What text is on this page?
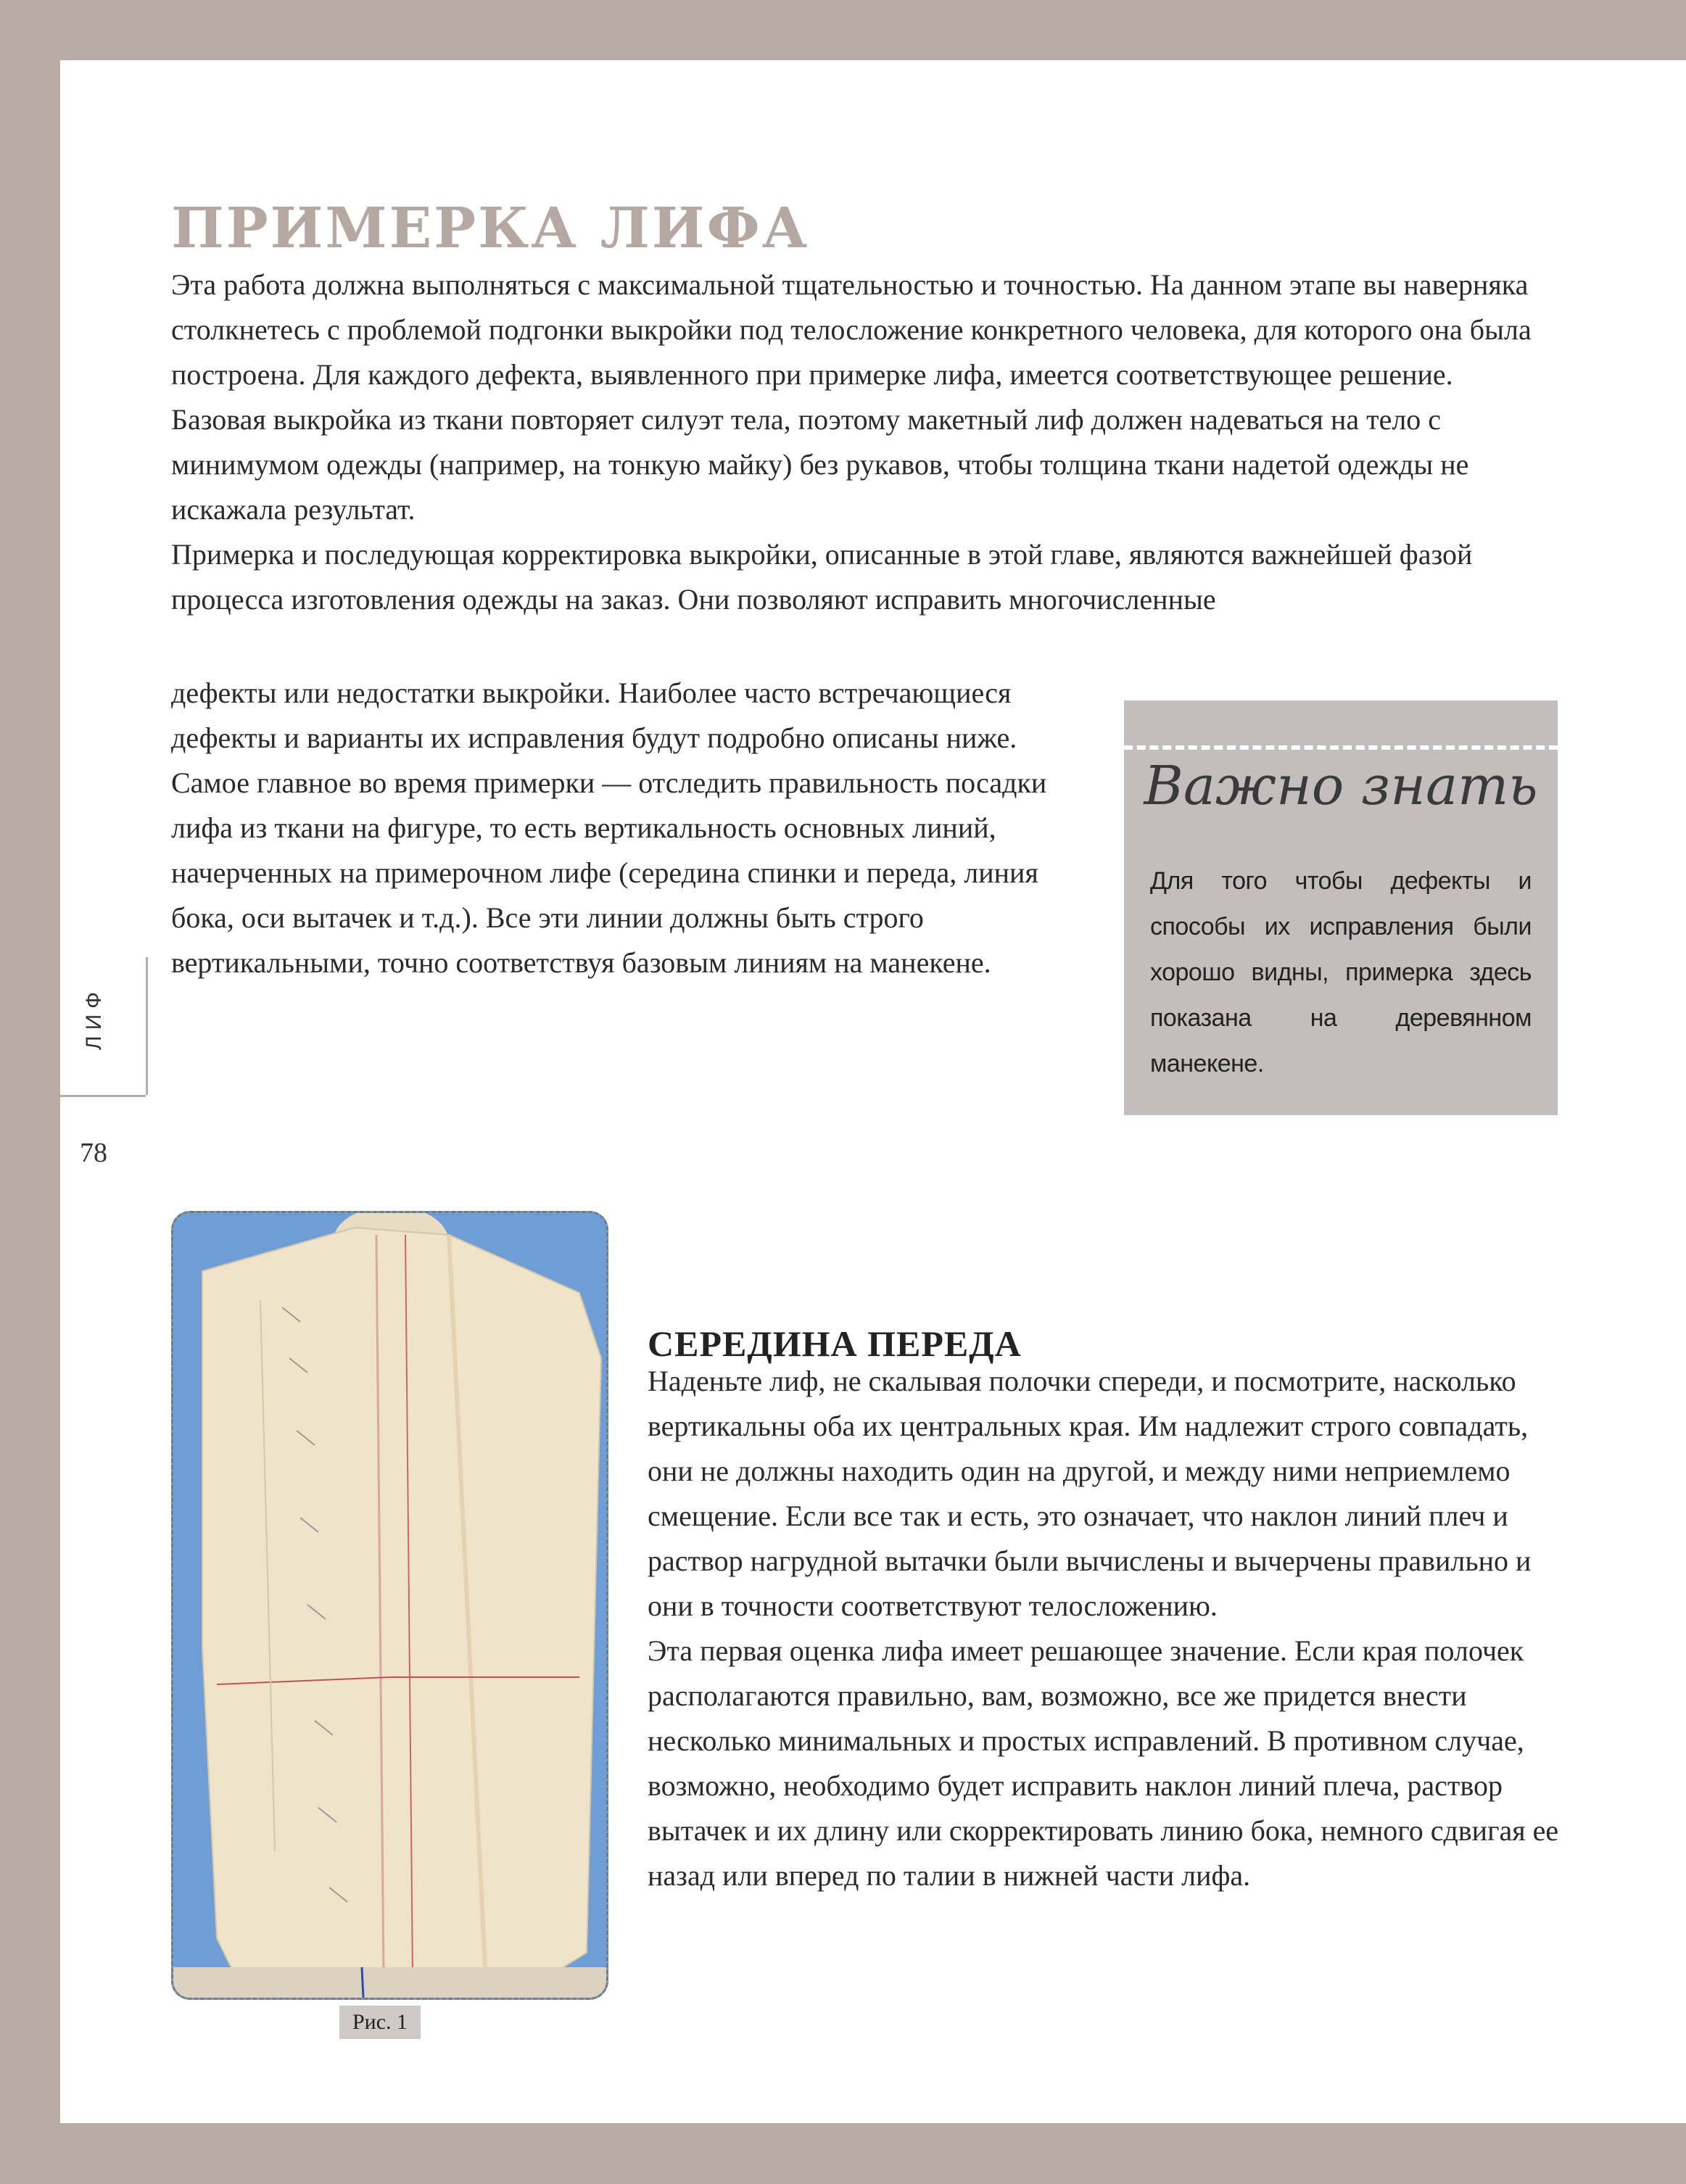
ПРИМЕРКА ЛИФА

Эта работа должна выполняться с максимальной тщательностью и точностью. На данном этапе вы наверняка столкнетесь с проблемой подгонки выкройки под телосложение конкретного человека, для которого она была построена. Для каждого дефекта, выявленного при примерке лифа, имеется соответствующее решение.

Базовая выкройка из ткани повторяет силуэт тела, поэтому макетный лиф должен надеваться на тело с минимумом одежды (например, на тонкую майку) без рукавов, чтобы толщина ткани надетой одежды не искажала результат.

Примерка и последующая корректировка выкройки, описанные в этой главе, являются важнейшей фазой процесса изготовления одежды на заказ. Они позволяют исправить многочисленные

дефекты или недостатки выкройки. Наиболее часто встречающиеся дефекты и варианты их исправления будут подробно описаны ниже.

Самое главное во время примерки — отследить правильность посадки лифа из ткани на фигуре, то есть вертикальность основных линий, начерченных на примерочном лифе (середина спинки и переда, линия бока, оси вытачек и т.д.). Все эти линии должны быть строго вертикальными, точно соответствуя базовым линиям на манекене.

Важно знать
Для того чтобы дефекты и способы их исправления были хорошо видны, примерка здесь показана на деревянном манекене.
ЛИФ
78
Рис. 1
СЕРЕДИНА ПЕРЕДА

Наденьте лиф, не скалывая полочки спереди, и посмотрите, насколько вертикальны оба их центральных края. Им надлежит строго совпадать, они не должны находить один на другой, и между ними неприемлемо смещение. Если все так и есть, это означает, что наклон линий плеч и раствор нагрудной вытачки были вычислены и вычерчены правильно и они в точности соответствуют телосложению.

Эта первая оценка лифа имеет решающее значение. Если края полочек располагаются правильно, вам, возможно, все же придется внести несколько минимальных и простых исправлений. В противном случае, возможно, необходимо будет исправить наклон линий плеча, раствор вытачек и их длину или скорректировать линию бока, немного сдвигая ее назад или вперед по талии в нижней части лифа.
